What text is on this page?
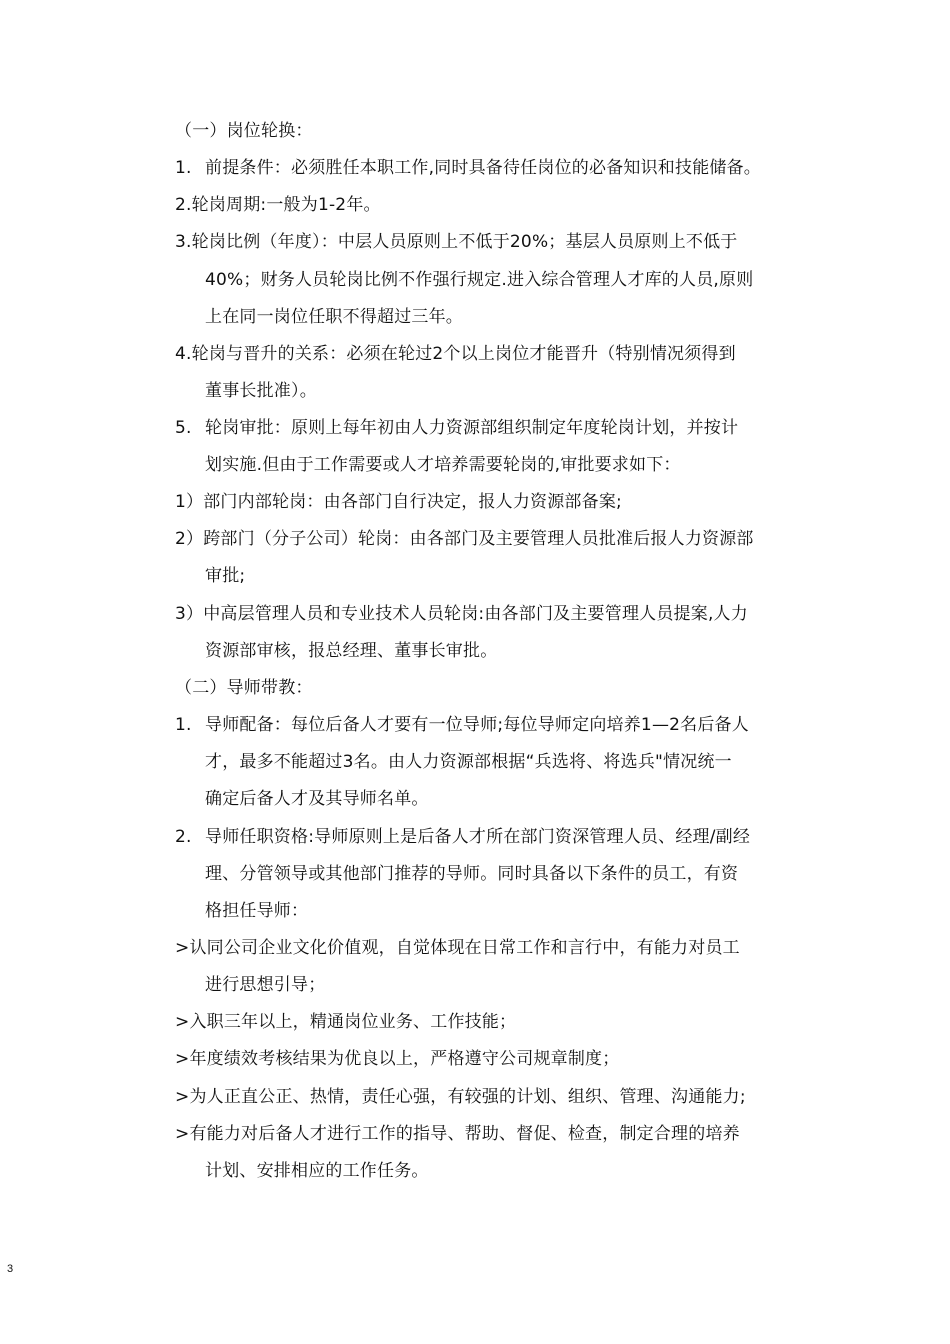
（一）岗位轮换：
1. 前提条件：必须胜任本职工作,同时具备待任岗位的必备知识和技能储备。
2.轮岗周期:一般为1-2年。
3.轮岗比例（年度）：中层人员原则上不低于20%；基层人员原则上不低于
40%；财务人员轮岗比例不作强行规定.进入综合管理人才库的人员,原则
上在同一岗位任职不得超过三年。
4.轮岗与晋升的关系：必须在轮过2个以上岗位才能晋升（特别情况须得到
董事长批准）。
5. 轮岗审批：原则上每年初由人力资源部组织制定年度轮岗计划，并按计
划实施.但由于工作需要或人才培养需要轮岗的,审批要求如下：
1）部门内部轮岗：由各部门自行决定，报人力资源部备案;
2）跨部门（分子公司）轮岗：由各部门及主要管理人员批准后报人力资源部
审批;
3）中高层管理人员和专业技术人员轮岗:由各部门及主要管理人员提案,人力
资源部审核，报总经理、董事长审批。
（二）导师带教：
1. 导师配备：每位后备人才要有一位导师;每位导师定向培养1—2名后备人
才，最多不能超过3名。由人力资源部根据“兵选将、将选兵"情况统一
确定后备人才及其导师名单。
2. 导师任职资格:导师原则上是后备人才所在部门资深管理人员、经理/副经
理、分管领导或其他部门推荐的导师。同时具备以下条件的员工，有资
格担任导师：
>认同公司企业文化价值观，自觉体现在日常工作和言行中，有能力对员工
进行思想引导；
>入职三年以上，精通岗位业务、工作技能；
>年度绩效考核结果为优良以上，严格遵守公司规章制度；
>为人正直公正、热情，责任心强，有较强的计划、组织、管理、沟通能力;
>有能力对后备人才进行工作的指导、帮助、督促、检查，制定合理的培养
计划、安排相应的工作任务。
3
